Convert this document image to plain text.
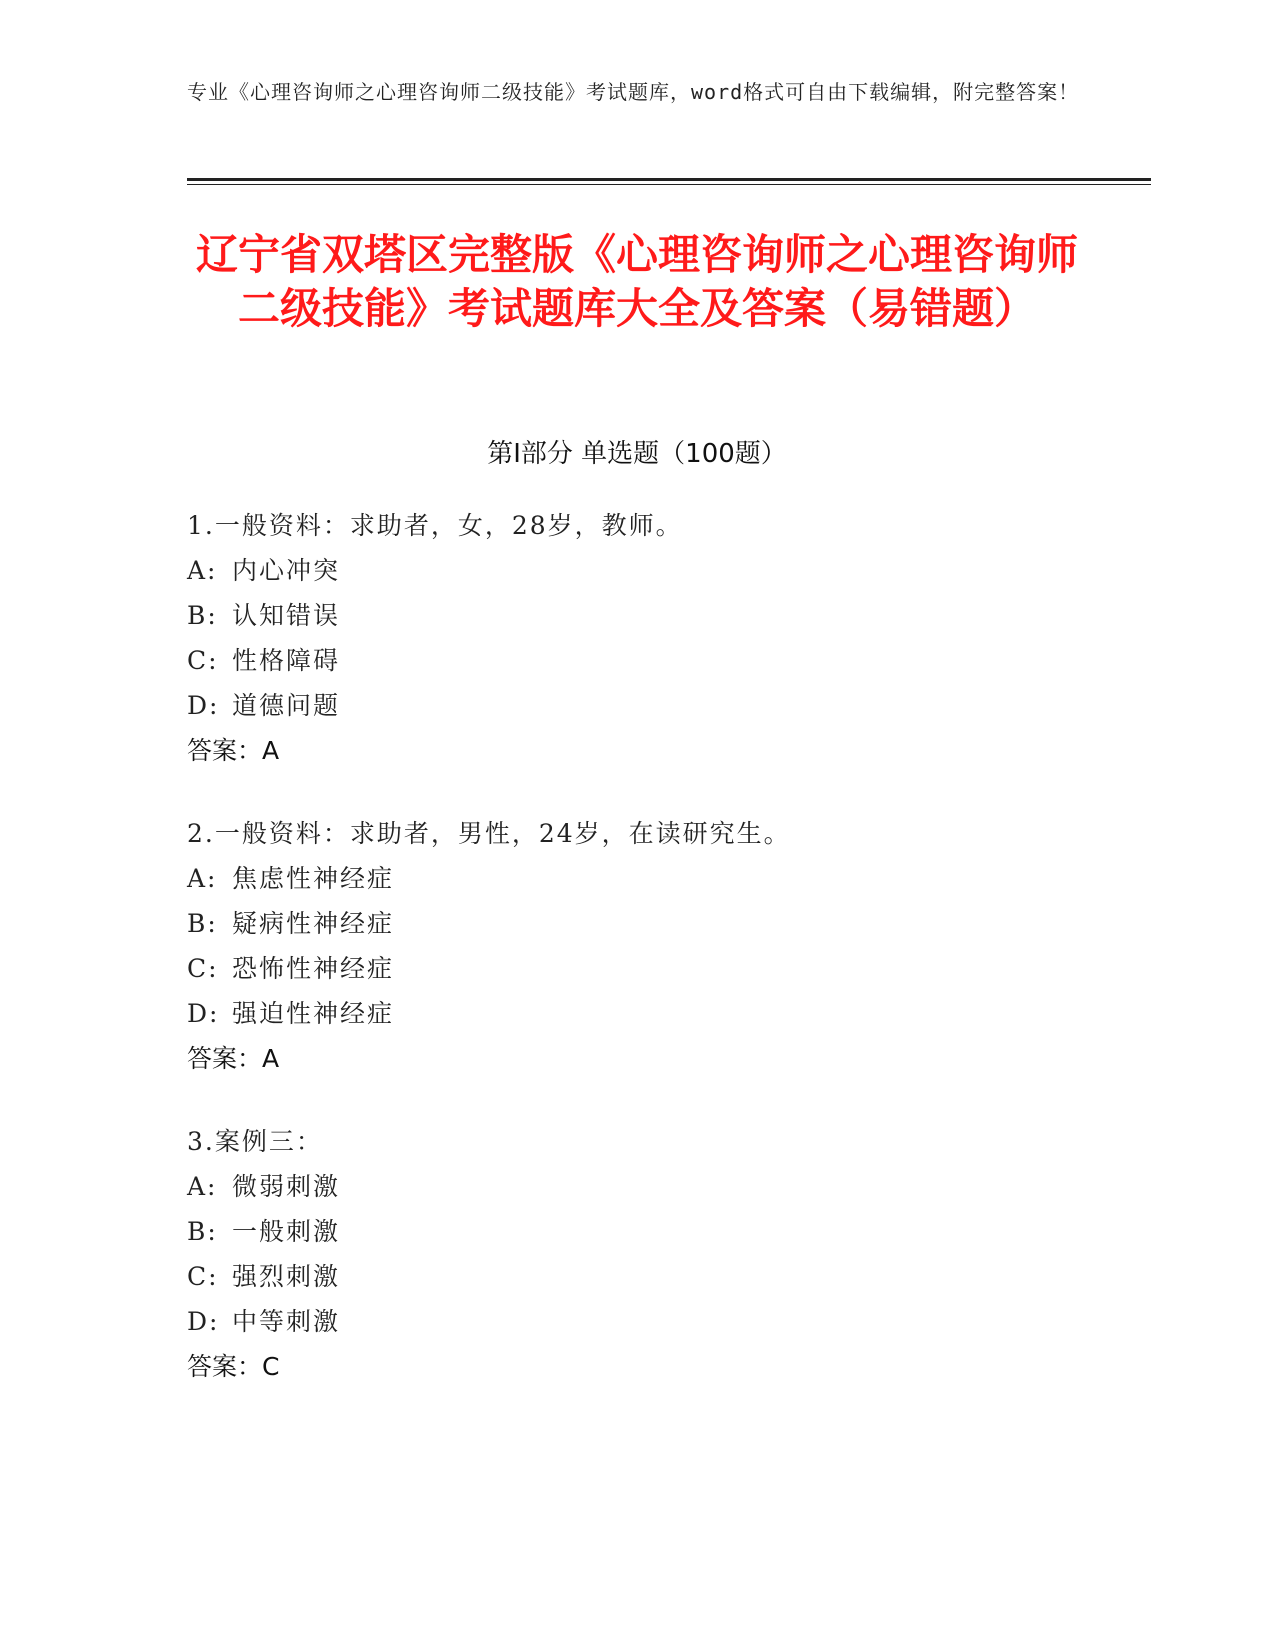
专业《心理咨询师之心理咨询师二级技能》考试题库，word格式可自由下载编辑，附完整答案！
辽宁省双塔区完整版《心理咨询师之心理咨询师二级技能》考试题库大全及答案（易错题）
第Ⅰ部分 单选题（100题）
1.一般资料：求助者，女，28岁，教师。
A: 内心冲突
B: 认知错误
C: 性格障碍
D: 道德问题
答案：A
2.一般资料：求助者，男性，24岁，在读研究生。
A: 焦虑性神经症
B: 疑病性神经症
C: 恐怖性神经症
D: 强迫性神经症
答案：A
3.案例三：
A: 微弱刺激
B: 一般刺激
C: 强烈刺激
D: 中等刺激
答案：C
